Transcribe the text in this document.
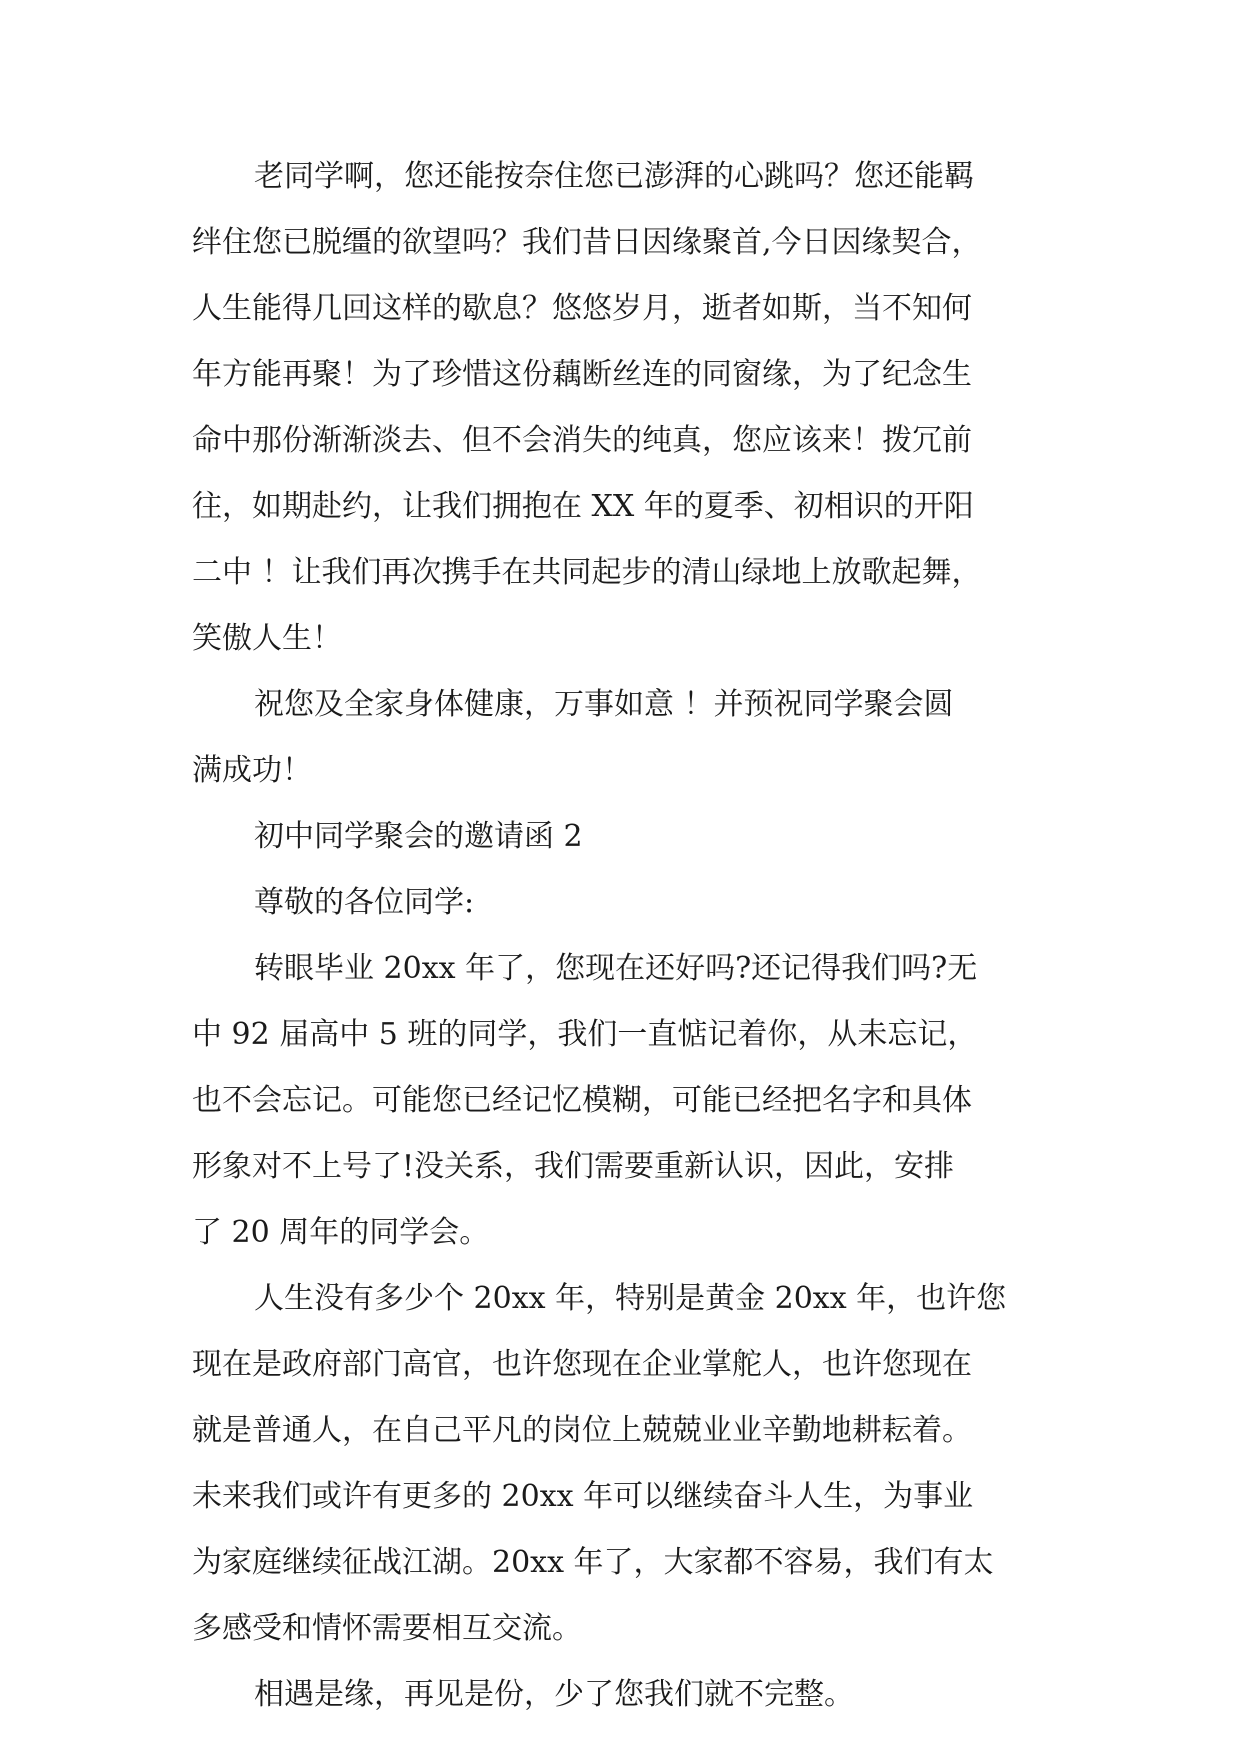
老同学啊，您还能按奈住您已澎湃的心跳吗？您还能羁
绊住您已脱缰的欲望吗？我们昔日因缘聚首,今日因缘契合，
人生能得几回这样的歇息？悠悠岁月，逝者如斯，当不知何
年方能再聚！为了珍惜这份藕断丝连的同窗缘，为了纪念生
命中那份渐渐淡去、但不会消失的纯真，您应该来！拨冗前
往，如期赴约，让我们拥抱在 XX 年的夏季、初相识的开阳
二中 ！让我们再次携手在共同起步的清山绿地上放歌起舞，
笑傲人生！
祝您及全家身体健康，万事如意 ！并预祝同学聚会圆
满成功！
初中同学聚会的邀请函 2
尊敬的各位同学:
转眼毕业 20xx 年了，您现在还好吗?还记得我们吗?无
中 92 届高中 5 班的同学，我们一直惦记着你，从未忘记，
也不会忘记。可能您已经记忆模糊，可能已经把名字和具体
形象对不上号了!没关系，我们需要重新认识，因此，安排
了 20 周年的同学会。
人生没有多少个 20xx 年，特别是黄金 20xx 年，也许您
现在是政府部门高官，也许您现在企业掌舵人，也许您现在
就是普通人，在自己平凡的岗位上兢兢业业辛勤地耕耘着。
未来我们或许有更多的 20xx 年可以继续奋斗人生，为事业
为家庭继续征战江湖。20xx 年了，大家都不容易，我们有太
多感受和情怀需要相互交流。
相遇是缘，再见是份，少了您我们就不完整。
